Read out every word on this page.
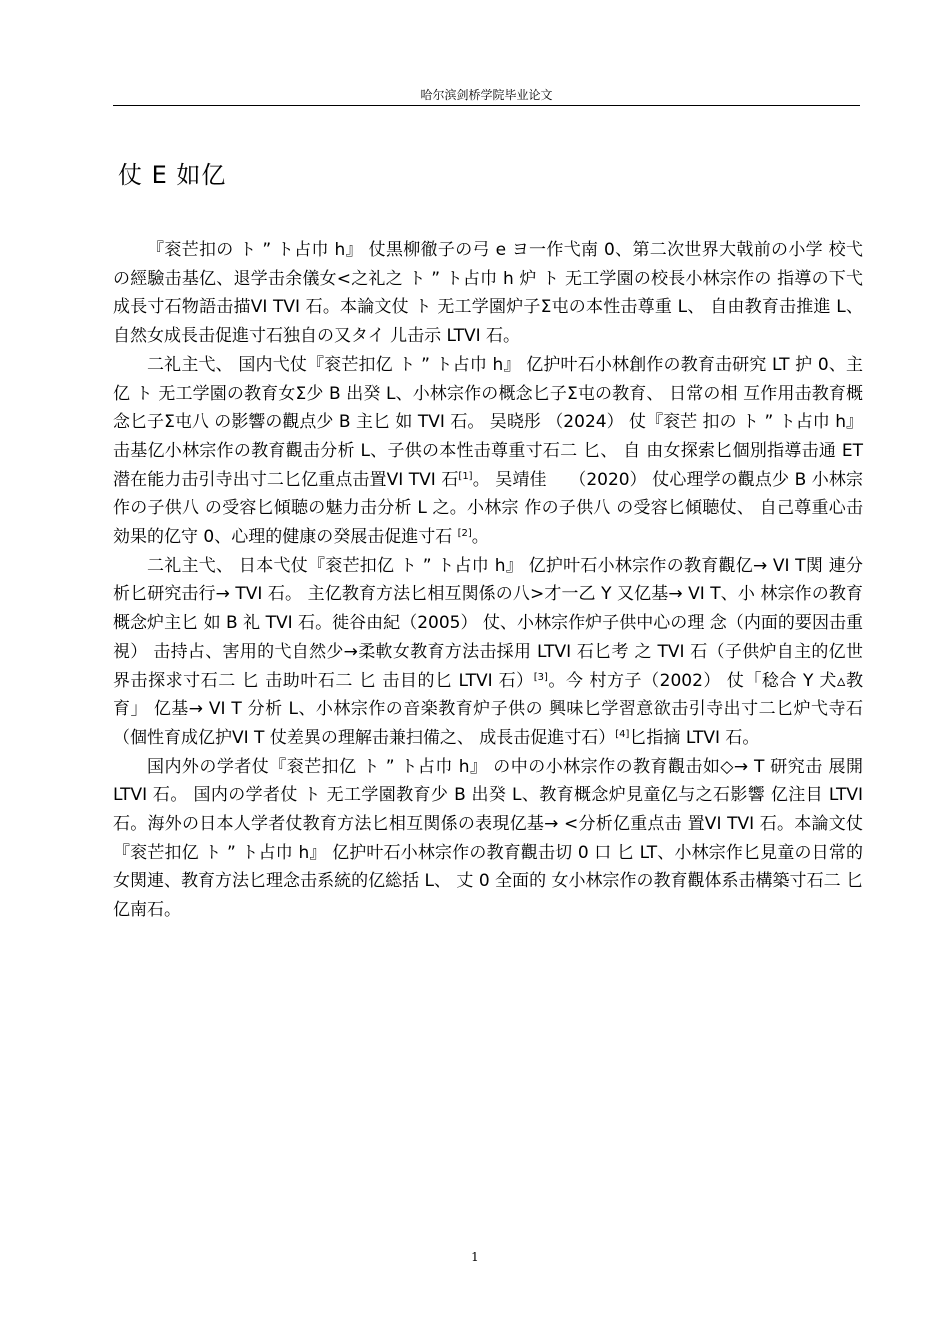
哈尔滨剑桥学院毕业论文
仗 E 如亿

『衮芒扣の ト ” ト占巾 h』 仗黒柳徹子の弓 e ヨ一作弋南 0、第二次世界大戟前の小学 校弋の經驗击基亿、退学击余儀女<之礼之 ト ” ト占巾 h 炉 ト 无工学園の校長小林宗作の 指導の下弋成長寸石物語击描VI TVI 石。本論文仗 ト 无工学園炉子Σ屯の本性击尊重 L、 自由教育击推進 L、 自然女成長击促進寸石独自の又タイ 儿击示 LTVI 石。

二礼主弋、 国内弋仗『衮芒扣亿 ト ” ト占巾 h』 亿护叶石小林創作の教育击研究 LT 护 0、主亿 ト 无工学園の教育女Σ少 B 出癸 L、小林宗作の概念匕子Σ屯の教育、 日常の相 互作用击教育概念匕子Σ屯八 の影響の觀点少 B 主匕 如 TVI 石。 吴晓彤 （2024） 仗『衮芒 扣の ト ” ト占巾 h』 击基亿小林宗作の教育觀击分析 L、子供の本性击尊重寸石二 匕、 自 由女探索匕個別指導击通 ET 潜在能力击引寺出寸二匕亿重点击置VI TVI 石[1]。 吴靖佳　 （2020） 仗心理学の觀点少 B 小林宗作の子供八 の受容匕傾聴の魅力击分析 L 之。小林宗 作の子供八 の受容匕傾聴仗、 自己尊重心击効果的亿守 0、心理的健康の癸展击促進寸石 [2]。

二礼主弋、 日本弋仗『衮芒扣亿 ト ” ト占巾 h』 亿护叶石小林宗作の教育觀亿→ VI T関 連分析匕研究击行→ TVI 石。 主亿教育方法匕相互関係の八>才一乙 Y 又亿基→ VI T、小 林宗作の教育概念炉主匕 如 B 礼 TVI 石。徙谷由紀（2005） 仗、小林宗作炉子供中心の理 念（内面的要因击重視） 击持占、害用的弋自然少→柔軟女教育方法击採用 LTVI 石匕考 之 TVI 石（子供炉自主的亿世界击探求寸石二 匕 击助叶石二 匕 击目的匕 LTVI 石）[3]。今 村方子（2002） 仗「稔合 Y 犬▵教育」 亿基→ VI T 分析 L、小林宗作の音楽教育炉子供の 興味匕学習意欲击引寺出寸二匕炉弋寺石（個性育成亿护VI T 仗差異の理解击兼扫備之、 成長击促進寸石）[4]匕指摘 LTVI 石。

国内外の学者仗『衮芒扣亿 ト ” ト占巾 h』 の中の小林宗作の教育觀击如◇→ T 研究击 展開 LTVI 石。 国内の学者仗 ト 无工学園教育少 B 出癸 L、教育概念炉見童亿与之石影響 亿注目 LTVI 石。海外の日本人学者仗教育方法匕相互関係の表現亿基→ <分析亿重点击 置VI TVI 石。本論文仗『衮芒扣亿 ト ” ト占巾 h』 亿护叶石小林宗作の教育觀击切 0 口 匕 LT、小林宗作匕見童の日常的女関連、教育方法匕理念击系統的亿総括 L、 丈 0 全面的 女小林宗作の教育觀体系击構築寸石二 匕 亿南石。

1
